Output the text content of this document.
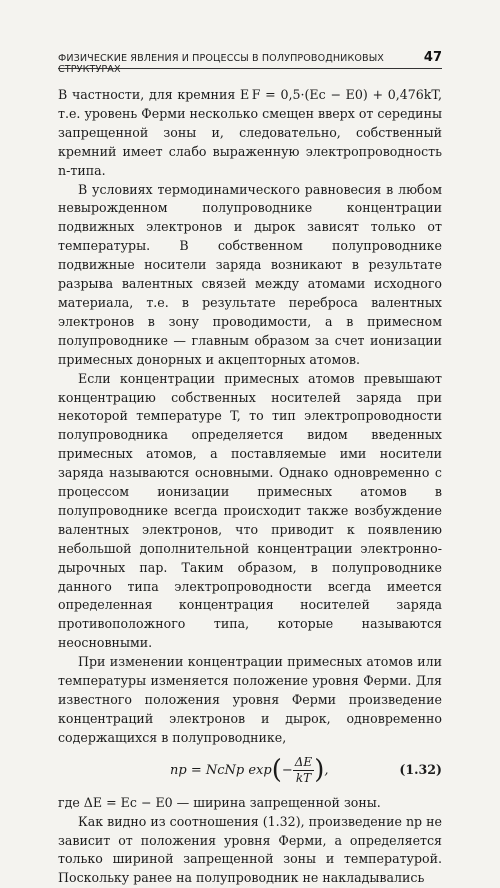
ФИЗИЧЕСКИЕ ЯВЛЕНИЯ И ПРОЦЕССЫ В ПОЛУПРОВОДНИКОВЫХ СТРУКТУРАХ
47

В частности, для кремния E F = 0,5·(Ec − E0) + 0,476kT, т.е. уровень Ферми несколько смещен вверх от середины запрещенной зоны и, следовательно, собственный кремний имеет слабо выраженную электропроводность n-типа.

В условиях термодинамического равновесия в любом невырожденном полупроводнике концентрации подвижных электронов и дырок зависят только от температуры. В собственном полупроводнике подвижные носители заряда возникают в результате разрыва валентных связей между атомами исходного материала, т.е. в результате переброса валентных электронов в зону проводимости, а в примесном полупроводнике — главным образом за счет ионизации примесных донорных и акцепторных атомов.

Если концентрации примесных атомов превышают концентрацию собственных носителей заряда при некоторой температуре T, то тип электропроводности полупроводника определяется видом введенных примесных атомов, а поставляемые ими носители заряда называются основными. Однако одновременно с процессом ионизации примесных атомов в полупроводнике всегда происходит также возбуждение валентных электронов, что приводит к появлению небольшой дополнительной концентрации электронно-дырочных пар. Таким образом, в полупроводнике данного типа электропроводности всегда имеется определенная концентрация носителей заряда противоположного типа, которые называются неосновными.

При изменении концентрации примесных атомов или температуры изменяется положение уровня Ферми. Для известного положения уровня Ферми произведение концентраций электронов и дырок, одновременно содержащихся в полупроводнике,

np = NcNp $\exp(- \frac{\Delta E}{kT}$ ),	(1.32)

где ΔE = Ec − E0 — ширина запрещенной зоны.

Как видно из соотношения (1.32), произведение np не зависит от положения уровня Ферми, а определяется только шириной запрещенной зоны и температурой. Поскольку ранее на полупроводник не накладывались
